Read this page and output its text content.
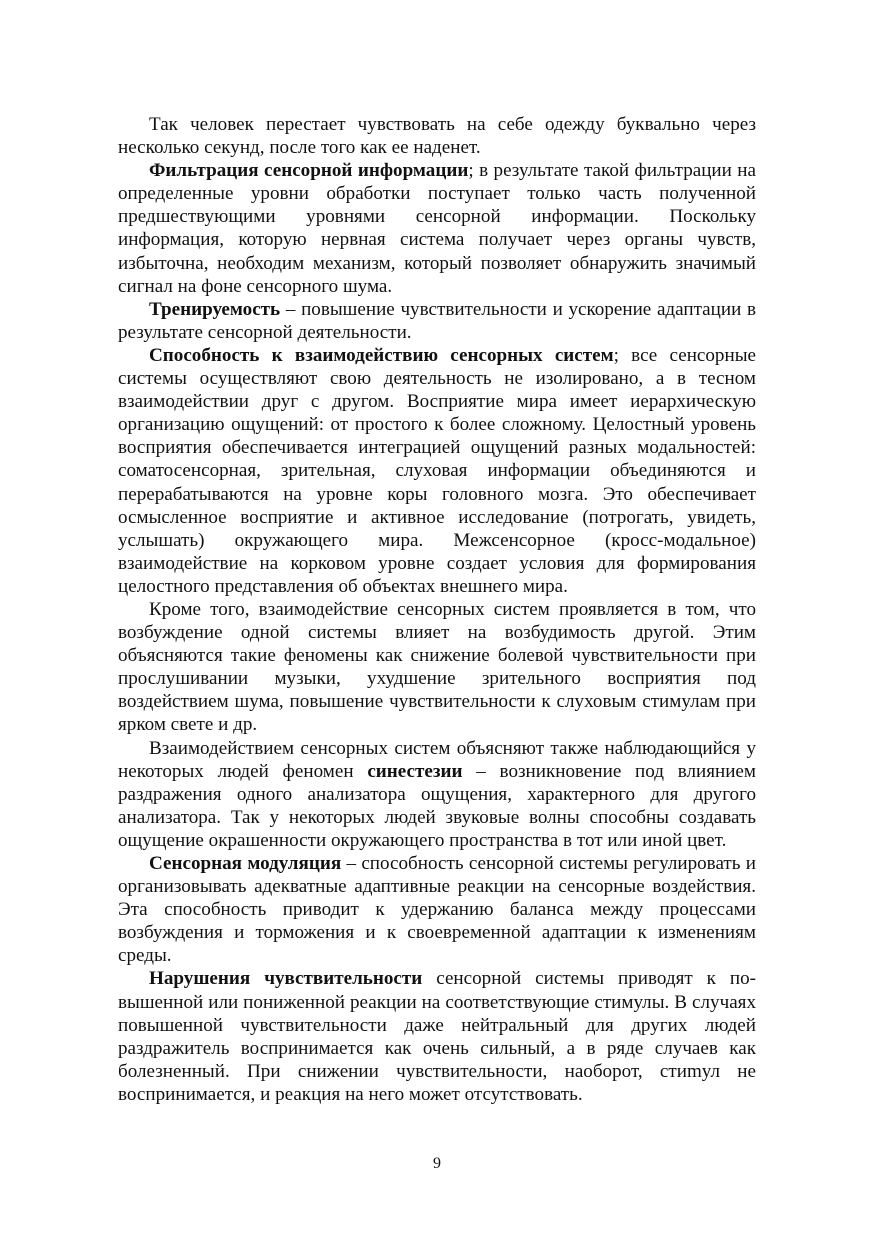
Так человек перестает чувствовать на себе одежду буквально через несколько секунд, после того как ее наденет.

Фильтрация сенсорной информации; в результате такой фильтрации на определенные уровни обработки поступает только часть полученной предшествующими уровнями сенсорной информации. Поскольку информация, которую нервная система получает через органы чувств, избыточна, необходим механизм, который позволяет обнаружить значимый сигнал на фоне сенсорного шума.

Тренируемость – повышение чувствительности и ускорение адаптации в результате сенсорной деятельности.

Способность к взаимодействию сенсорных систем; все сенсорные системы осуществляют свою деятельность не изолировано, а в тесном взаимодействии друг с другом. Восприятие мира имеет иерархическую организацию ощущений: от простого к более сложному. Целостный уровень восприятия обеспечивается интеграцией ощущений разных модальностей: соматосенсорная, зрительная, слуховая информации объединяются и перерабатываются на уровне коры головного мозга. Это обеспечивает осмысленное восприятие и активное исследование (потрогать, увидеть, услышать) окружающего мира. Межсенсорное (кросс-модальное) взаимодействие на корковом уровне создает условия для формирования целостного представления об объектах внешнего мира.

Кроме того, взаимодействие сенсорных систем проявляется в том, что возбуждение одной системы влияет на возбудимость другой. Этим объясняются такие феномены как снижение болевой чувствительности при прослушивании музыки, ухудшение зрительного восприятия под воздействием шума, повышение чувствительности к слуховым стимулам при ярком свете и др.

Взаимодействием сенсорных систем объясняют также наблюдающийся у некоторых людей феномен синестезии – возникновение под влиянием раздражения одного анализатора ощущения, характерного для другого анализатора. Так у некоторых людей звуковые волны способны создавать ощущение окрашенности окружающего пространства в тот или иной цвет.

Сенсорная модуляция – способность сенсорной системы регулировать и организовывать адекватные адаптивные реакции на сенсорные воздействия. Эта способность приводит к удержанию баланса между процессами возбуждения и торможения и к своевременной адаптации к изменениям среды.

Нарушения чувствительности сенсорной системы приводят к повышенной или пониженной реакции на соответствующие стимулы. В случаях повышенной чувствительности даже нейтральный для других людей раздражитель воспринимается как очень сильный, а в ряде случаев как болезненный. При снижении чувствительности, наоборот, стиmул не воспринимается, и реакция на него может отсутствовать.

9
